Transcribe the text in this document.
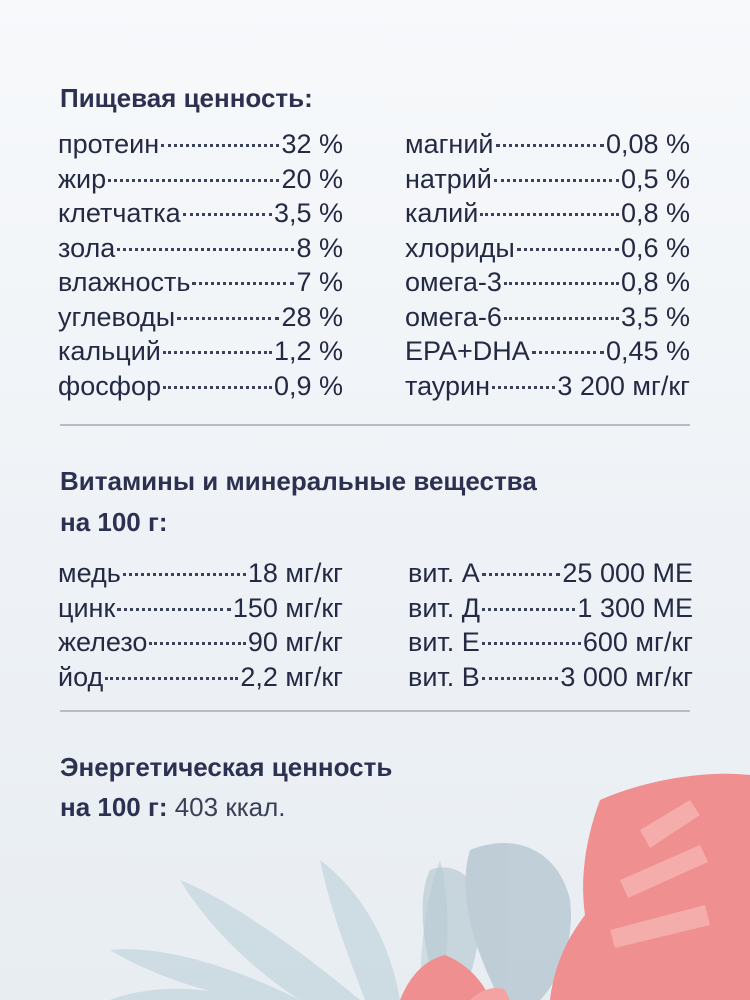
Пищевая ценность:
протеин	32 %
жир	20 %
клетчатка	3,5 %
зола	8 %
влажность	7 %
углеводы	28 %
кальций	1,2 %
фосфор	0,9 %
магний	0,08 %
натрий	0,5 %
калий	0,8 %
хлориды	0,6 %
омега-3	0,8 %
омега-6	3,5 %
EPA+DHA	0,45 %
таурин 3 200 мг/кг
Витамины и минеральные вещества
на 100 г:
медь	18 мг/кг
цинк	150 мг/кг
железо	90 мг/кг
йод	2,2 мг/кг
вит. А	25 000 МЕ
вит. Д	1 300 МЕ
вит. Е	600 мг/кг
вит. В	3 000 мг/кг
Энергетическая ценность
на 100 г: 403 ккал.
